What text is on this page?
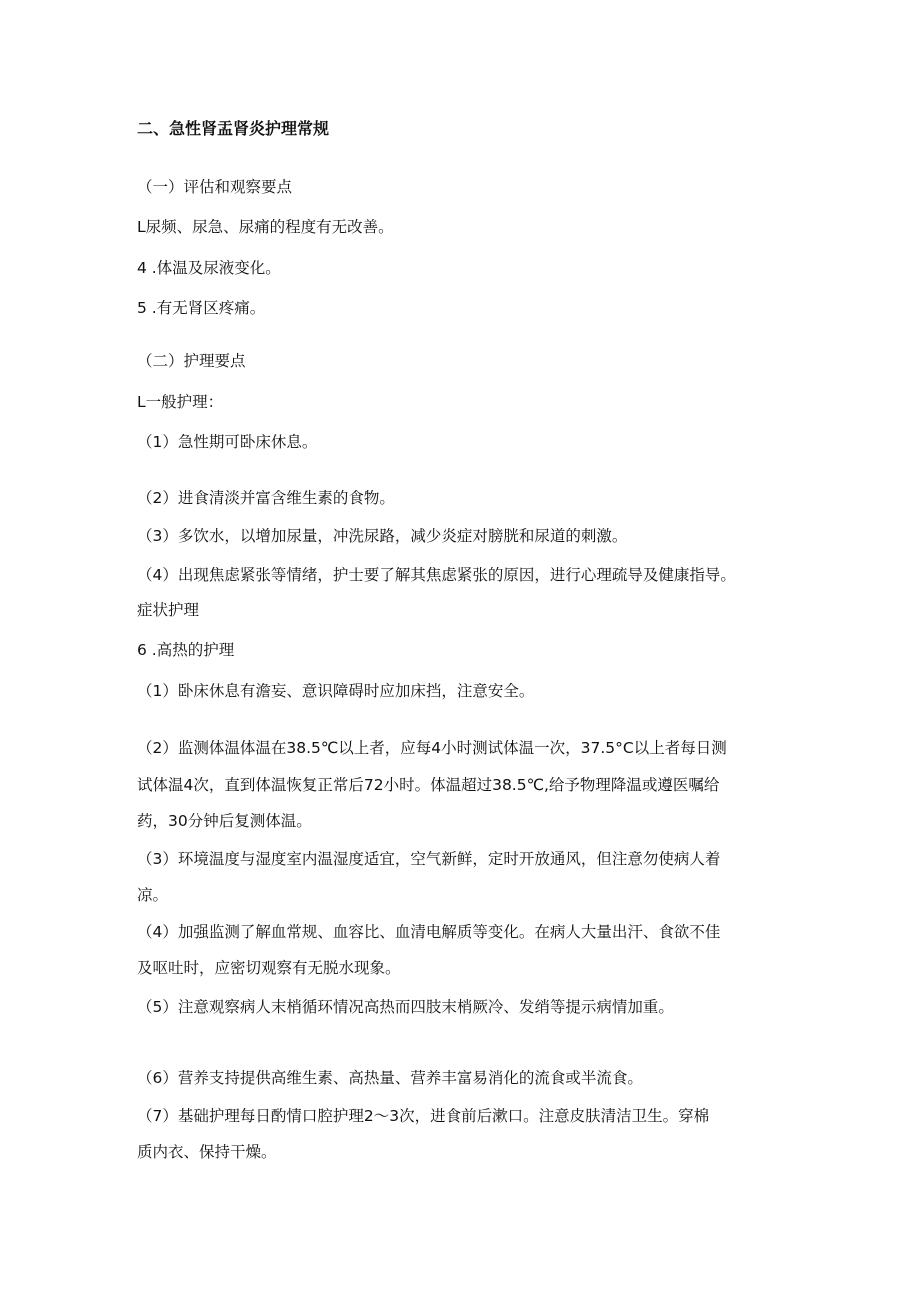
二、急性肾盂肾炎护理常规
（一）评估和观察要点
L尿频、尿急、尿痛的程度有无改善。
4 .体温及尿液变化。
5 .有无肾区疼痛。
（二）护理要点
L一般护理：
（1）急性期可卧床休息。
（2）进食清淡并富含维生素的食物。
（3）多饮水，以增加尿量，冲洗尿路，减少炎症对膀胱和尿道的刺激。
（4）出现焦虑紧张等情绪，护士要了解其焦虑紧张的原因，进行心理疏导及健康指导。
症状护理
6 .高热的护理
（1）卧床休息有澹妄、意识障碍时应加床挡，注意安全。
（2）监测体温体温在38.5℃以上者，应每4小时测试体温一次，37.5°C以上者每日测
试体温4次，直到体温恢复正常后72小时。体温超过38.5℃,给予物理降温或遵医嘱给
药，30分钟后复测体温。
（3）环境温度与湿度室内温湿度适宜，空气新鲜，定时开放通风，但注意勿使病人着
凉。
（4）加强监测了解血常规、血容比、血清电解质等变化。在病人大量出汗、食欲不佳
及呕吐时，应密切观察有无脱水现象。
（5）注意观察病人末梢循环情况高热而四肢末梢厥冷、发绡等提示病情加重。
（6）营养支持提供高维生素、高热量、营养丰富易消化的流食或半流食。
（7）基础护理每日酌情口腔护理2〜3次，进食前后漱口。注意皮肤清洁卫生。穿棉
质内衣、保持干燥。
